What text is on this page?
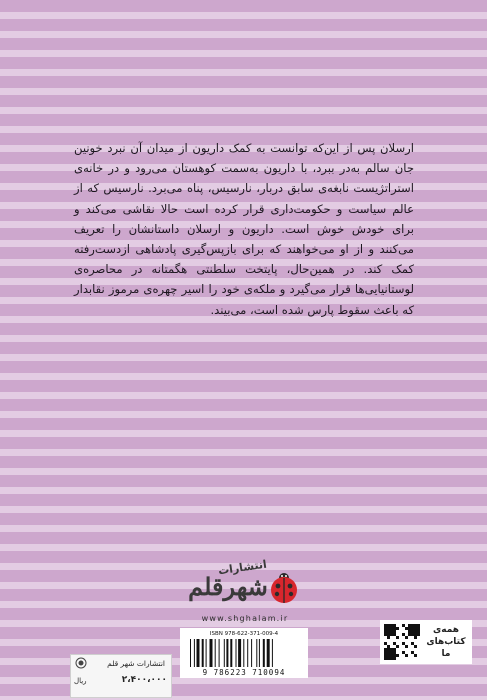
ارسلان پس از این‌که توانست به کمک داریون از میدان آن نبرد خونین جان سالم به‌در ببرد، با داریون به‌سمت کوهستان می‌رود و در خانه‌ی استراتژیست نابغه‌ی سابق دربار، نارسیس، پناه می‌برد. نارسیس که از عالم سیاست و حکومت‌داری قرار کرده است حالا نقاشی می‌کند و برای خودش خوش است. داریون و ارسلان داستانشان را تعریف می‌کنند و از او می‌خواهند که برای بازپس‌گیری پادشاهی ازدست‌رفته کمک کند. در همین‌حال، پایتخت سلطنتی هگمتانه در محاصره‌ی لوستانیایی‌ها قرار می‌گیرد و ملکه‌ی خود را اسیر چهره‌ی مرموز نقابدار که باعث سقوط پارس شده است، می‌بیند.

انتشارات
شهرقلم
www.shghalam.ir
ISBN 978-622-371-009-4
9 786223 710094
همه‌ی
کتاب‌های
ما
انتشارات شهر قلم
۲،۴۰۰،۰۰۰
ریال
